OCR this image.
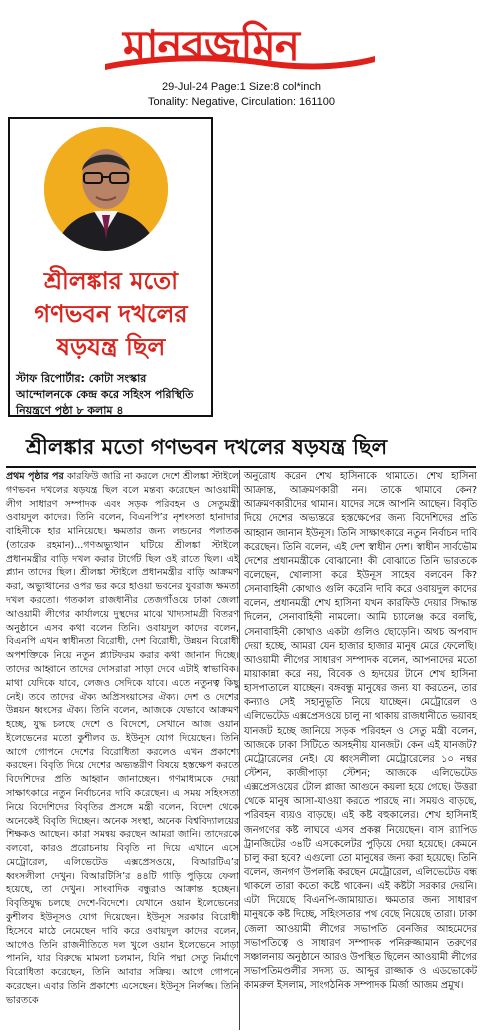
মানবজমিন
29-Jul-24 Page:1 Size:8 col*inch
Tonality: Negative, Circulation: 161100
শ্রীলঙ্কার মতো গণভবন দখলের ষড়যন্ত্র ছিল
স্টাফ রিপোর্টার: কোটা সংস্কার আন্দোলনকে কেন্দ্র করে সহিংস পরিস্থিতি নিয়ন্ত্রণে পৃষ্ঠা ৮ কলাম ৪
শ্রীলঙ্কার মতো গণভবন দখলের ষড়যন্ত্র ছিল
প্রথম পৃষ্ঠার পর কারফিউ জারি না করলে দেশে শ্রীলঙ্কা স্টাইলে গণভবন দখলের ষড়যন্ত্র ছিল বলে মন্তব্য করেছেন আওয়ামী লীগ সাধারণ সম্পাদক এবং সড়ক পরিবহন ও সেতুমন্ত্রী ওবায়দুল কাদের। তিনি বলেন, বিএনপি’র নৃশংসতা হানাদার বাহিনীকে হার মানিয়েছে। ক্ষমতার জন্য লন্ডনের পলাতক (তারেক রহমান)...গণঅভ্যুত্থান ঘটিয়ে শ্রীলঙ্কা স্টাইলে প্রধানমন্ত্রীর বাড়ি দখল করার টার্গেট ছিল ওই রাতে ছিল। এই প্ল্যান তাদের ছিল। শ্রীলঙ্কা স্টাইলে প্রধানমন্ত্রীর বাড়ি আক্রমণ করা, অভ্যুত্থানের ওপর ভর করে হাওয়া ভবনের যুবরাজ ক্ষমতা দখল করতো। গতকাল রাজধানীর তেজগাঁওয়ে ঢাকা জেলা আওয়ামী লীগের কার্যালয়ে দুস্থদের মাঝে খাদ্যসামগ্রী বিতরণ অনুষ্ঠানে এসব কথা বলেন তিনি। ওবায়দুল কাদের বলেন, বিএনপি এখন স্বাধীনতা বিরোধী, দেশ বিরোধী, উন্নয়ন বিরোধী অপশক্তিকে নিয়ে নতুন প্ল্যাটফরম করার কথা জানান দিচ্ছে। তাদের আহ্বানে তাদের দোসরারা সাড়া দেবে এটাই স্বাভাবিক। মাথা যেদিকে যাবে, লেজও সেদিকে যাবে। এতে নতুনত্ব কিছু নেই। তবে তাদের ঐক্য অপ্রিসংয়াসের ঐক্য। দেশ ও দেশের উন্নয়ন ধ্বংসের ঐক্য। তিনি বলেন, আজকে যেভাবে আক্রমণ হচ্ছে, যুদ্ধ চলছে দেশে ও বিদেশে, সেখানে আজ ওয়ান ইলেভেনের মতো কুশীলব ড. ইউনূস যোগ দিয়েছেন। তিনি আগে গোপনে দেশের বিরোধিতা করলেও এখন প্রকাশ্যে করছেন। বিবৃতি দিয়ে দেশের অভ্যন্তরীণ বিষয়ে হস্তক্ষেপ করতে বিদেশিদের প্রতি আহ্বান জানাচ্ছেন। গণমাধ্যমকে দেয়া সাক্ষাৎকারে নতুন নির্বাচনের দাবি করেছেন। এ সময় সহিংসতা নিয়ে বিদেশিদের বিবৃতির প্রসঙ্গে মন্ত্রী বলেন, বিদেশ থেকে অনেকেই বিবৃতি দিচ্ছেন। অনেক সংস্থা, অনেক বিশ্ববিদ্যালয়ের শিক্ষকও আছেন। কারা সমন্বয় করছেন আমরা জানি। তাদেরকে বলবো, কারও প্ররোচনায় বিবৃতি না দিয়ে এখানে এসে মেট্রোরেল, এলিভেটেড এক্সপ্রেসওয়ে, বিআরটিএ’র ধ্বংসলীলা দেখুন। বিআরটিসি’র ৪৪টি গাড়ি পুড়িয়ে ফেলা হয়েছে, তা দেখুন। সাংবাদিক বন্ধুরাও আক্রান্ত হচ্ছেন। বিবৃতিযুদ্ধ চলছে দেশে-বিদেশে। যেখানে ওয়ান ইলেভেনের কুশীলব ইউনূসও যোগ দিয়েছেন। ইউনূস সরকার বিরোধী হিসেবে মাঠে নেমেছেন দাবি করে ওবায়দুল কাদের বলেন, আগেও তিনি রাজনীতিতে দল খুলে ওয়ান ইলেভেনে সাড়া পাননি, যার বিরুদ্ধে মামলা চলমান, যিনি পদ্মা সেতু নির্মাণে বিরোধিতা করেছেন, তিনি আবার সক্রিয়। আগে গোপনে করেছেন। এবার তিনি প্রকাশ্যে এসেছেন। ইউনূস নির্লজ্জ। তিনি ভারতকে
অনুরোধ করেন শেখ হাসিনাকে থামাতে। শেখ হাসিনা আক্রান্ত, আক্রমণকারী নন। তাকে থামাবে কেন? আক্রমণকারীদের থামান। যাদের সঙ্গে আপনি আছেন। বিবৃতি দিয়ে দেশের অভ্যন্তরে হস্তক্ষেপের জন্য বিদেশিদের প্রতি আহ্বান জানান ইউনূস। তিনি সাক্ষাৎকারে নতুন নির্বাচন দাবি করেছেন। তিনি বলেন, এই দেশ স্বাধীন দেশ। স্বাধীন সার্বভৌম দেশের প্রধানমন্ত্রীকে বোঝানো! কী বোঝাতে তিনি ভারতকে বলেছেন, খোলাসা করে ইউনূস সাহেব বলবেন কি? সেনাবাহিনী কোথাও গুলি করেনি দাবি করে ওবায়দুল কাদের বলেন, প্রধানমন্ত্রী শেখ হাসিনা যখন কারফিউ দেয়ার সিদ্ধান্ত দিলেন, সেনাবাহিনী নামলো। আমি চ্যালেঞ্জ করে বলছি, সেনাবাহিনী কোথাও একটা গুলিও ছোড়েনি। অথচ অপবাদ দেয়া হচ্ছে, আমরা যেন হাজার হাজার মানুষ মেরে ফেলেছি। আওয়ামী লীগের সাধারণ সম্পাদক বলেন, আপনাদের মতো মায়াকান্না করে নয়, বিবেক ও হৃদয়ের টানে শেখ হাসিনা হাসপাতালে যাচ্ছেন। বঙ্গবন্ধু মানুষের জন্য যা করতেন, তার কন্যাও সেই সহানুভূতি নিয়ে যাচ্ছেন। মেট্রোরেল ও এলিভেটেড এক্সপ্রেসওয়ে চালু না থাকায় রাজধানীতে ভয়াবহ যানজট হচ্ছে জানিয়ে সড়ক পরিবহন ও সেতু মন্ত্রী বলেন, আজকে ঢাকা সিটিতে অসহনীয় যানজট। কেন এই যানজট? মেট্রোরেলের নেই। যে ধ্বংসলীলা মেট্রোরেলের ১০ নম্বর স্টেশন, কাজীপাড়া স্টেশন; আজকে এলিভেটেড এক্সপ্রেসওয়ের টোল প্লাজা আগুনে কয়লা হয়ে গেছে। উত্তরা থেকে মানুষ আসা-যাওয়া করতে পারছে না। সময়ও বাড়ছে, পরিবহন ব্যয়ও বাড়ছে। এই কষ্ট বহুকালের। শেখ হাসিনাই জনগণের কষ্ট লাঘবে এসব প্রকল্প নিয়েছেন। বাস র‌্যাপিড ট্রানজিটের ৩৪টি এসকেলেটর পুড়িয়ে দেয়া হয়েছে। কেমনে চালু করা হবে? এগুলো তো মানুষের জন্য করা হয়েছে। তিনি বলেন, জনগণ উপলব্ধি করছেন মেট্রোরেল, এলিভেটেড বন্ধ থাকলে তারা কতো কষ্টে থাকেন। এই কষ্টটা সরকার দেয়নি। এটা দিয়েছে বিএনপি-জামায়াত। ক্ষমতার জন্য সাধারণ মানুষকে কষ্ট দিচ্ছে, সহিংসতার পথ বেছে নিয়েছে তারা। ঢাকা জেলা আওয়ামী লীগের সভাপতি বেনজির আহমেদের সভাপতিত্বে ও সাধারণ সম্পাদক পনিরুজ্জামান তরুণের সঞ্চালনায় অনুষ্ঠানে আরও উপস্থিত ছিলেন আওয়ামী লীগের সভাপতিমণ্ডলীর সদস্য ড. আব্দুর রাজ্জাক ও এডভোকেট কামরুল ইসলাম, সাংগঠনিক সম্পাদক মির্জা আজম প্রমুখ।
